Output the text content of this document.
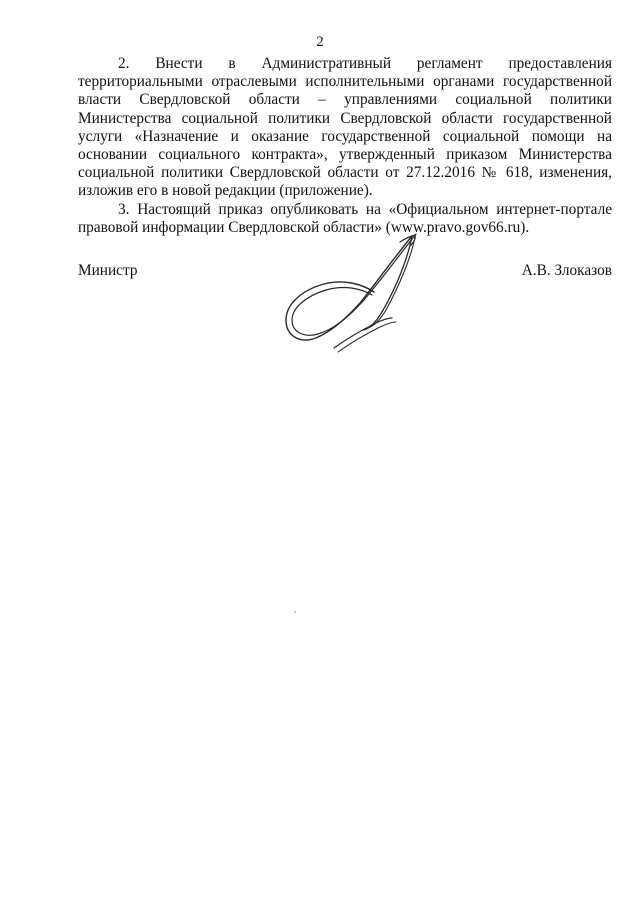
2

2. Внести в Административный регламент предоставления территориальными отраслевыми исполнительными органами государственной власти Свердловской области – управлениями социальной политики Министерства социальной политики Свердловской области государственной услуги «Назначение и оказание государственной социальной помощи на основании социального контракта», утвержденный приказом Министерства социальной политики Свердловской области от 27.12.2016 № 618, изменения, изложив его в новой редакции (приложение).

3. Настоящий приказ опубликовать на «Официальном интернет-портале правовой информации Свердловской области» (www.pravo.gov66.ru).

Министр	А.В. Злоказов
